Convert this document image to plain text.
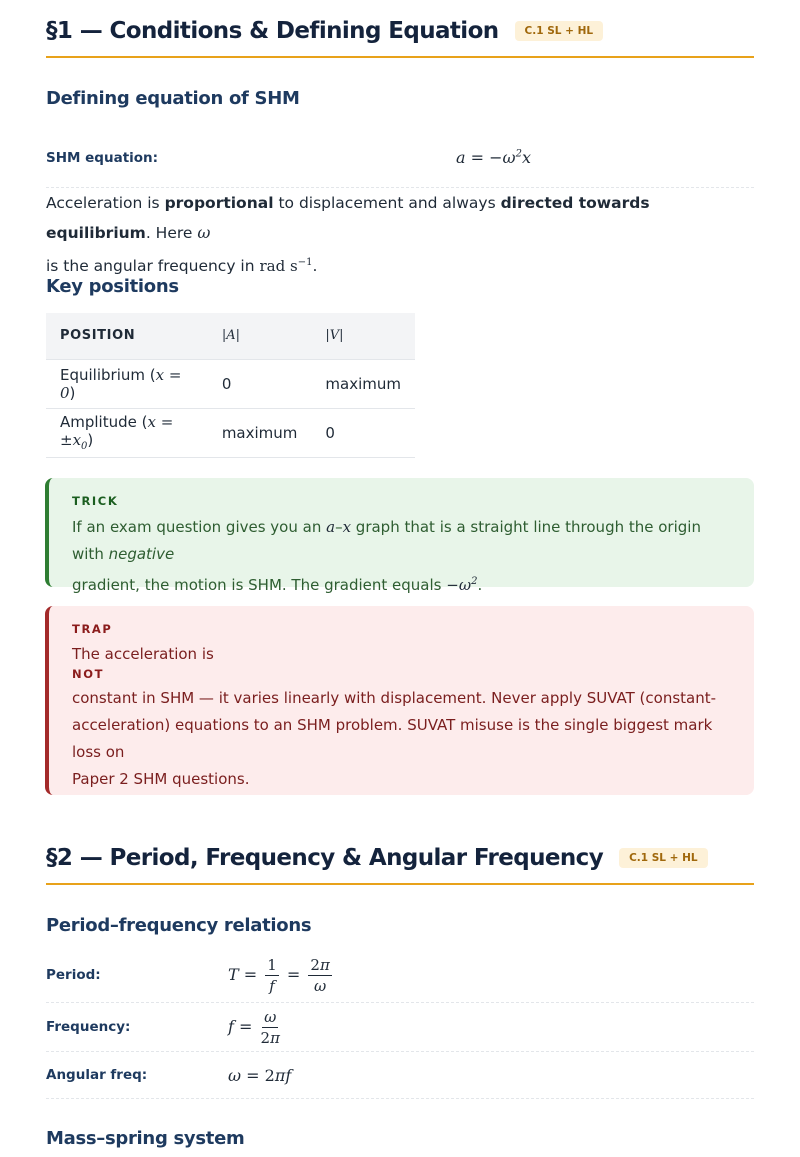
§1 — Conditions & Defining Equation	C.1 SL + HL
Defining equation of SHM
SHM equation:	$a = -\omega^2x$
Acceleration is proportional to displacement and always directed towards equilibrium. Here ω
is the angular frequency in rad $s^{-1}$.
Key positions
POSITION	|A|	|V|
Equilibrium (x = 0)	0	maximum
Amplitude $(x = \pm x_0)$	maximum	0
TRICK
If an exam question gives you an a–x graph that is a straight line through the origin with negative
gradient, the motion is SHM. The gradient equals $-\omega^2$.
TRAP
The acceleration is
NOT
constant in SHM — it varies linearly with displacement. Never apply SUVAT (constant-
acceleration) equations to an SHM problem. SUVAT misuse is the single biggest mark loss on
Paper 2 SHM questions.
§2 — Period, Frequency & Angular Frequency	C.1 SL + HL
Period–frequency relations
Period:	$T = \frac{1}{f} = \frac{2\pi}{\omega}$
Frequency:	$f = \frac{\omega}{2\pi}$
Angular freq:	ω = 2πf
Mass–spring system
